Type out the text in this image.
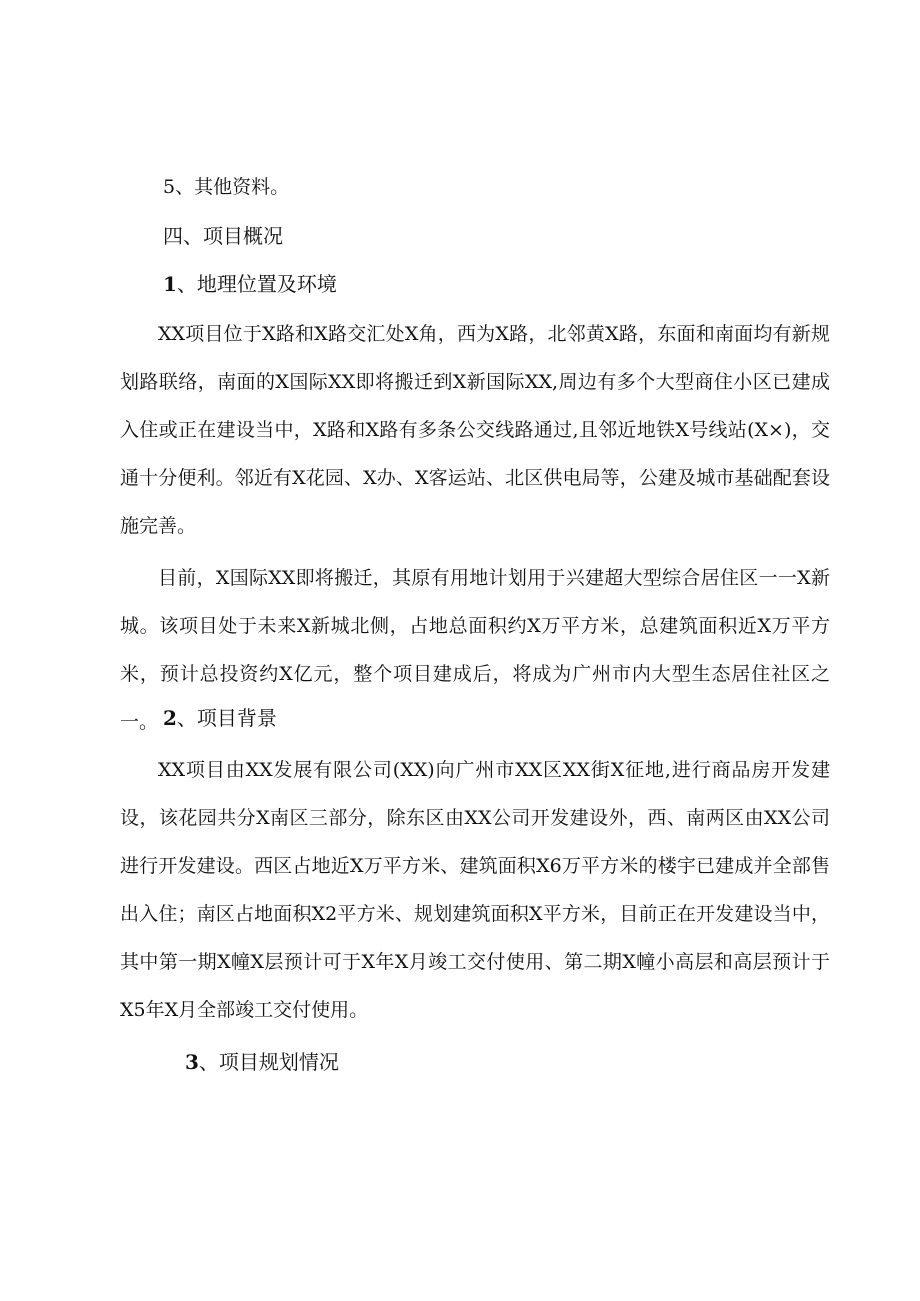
5、其他资料。
四、项目概况
1、地理位置及环境
XX项目位于X路和X路交汇处X角，西为X路，北邻黄X路，东面和南面均有新规划路联络，南面的X国际XX即将搬迁到X新国际XX,周边有多个大型商住小区已建成入住或正在建设当中，X路和X路有多条公交线路通过,且邻近地铁X号线站(X×)，交通十分便利。邻近有X花园、X办、X客运站、北区供电局等，公建及城市基础配套设施完善。
目前，X国际XX即将搬迁，其原有用地计划用于兴建超大型综合居住区一一X新城。该项目处于未来X新城北侧，占地总面积约X万平方米，总建筑面积近X万平方米，预计总投资约X亿元，整个项目建成后，将成为广州市内大型生态居住社区之一。 2、项目背景
XX项目由XX发展有限公司(XX)向广州市XX区XX街X征地,进行商品房开发建设，该花园共分X南区三部分，除东区由XX公司开发建设外，西、南两区由XX公司进行开发建设。西区占地近X万平方米、建筑面积X6万平方米的楼宇已建成并全部售出入住；南区占地面积X2平方米、规划建筑面积X平方米，目前正在开发建设当中，其中第一期X幢X层预计可于X年X月竣工交付使用、第二期X幢小高层和高层预计于X5年X月全部竣工交付使用。
3、项目规划情况
